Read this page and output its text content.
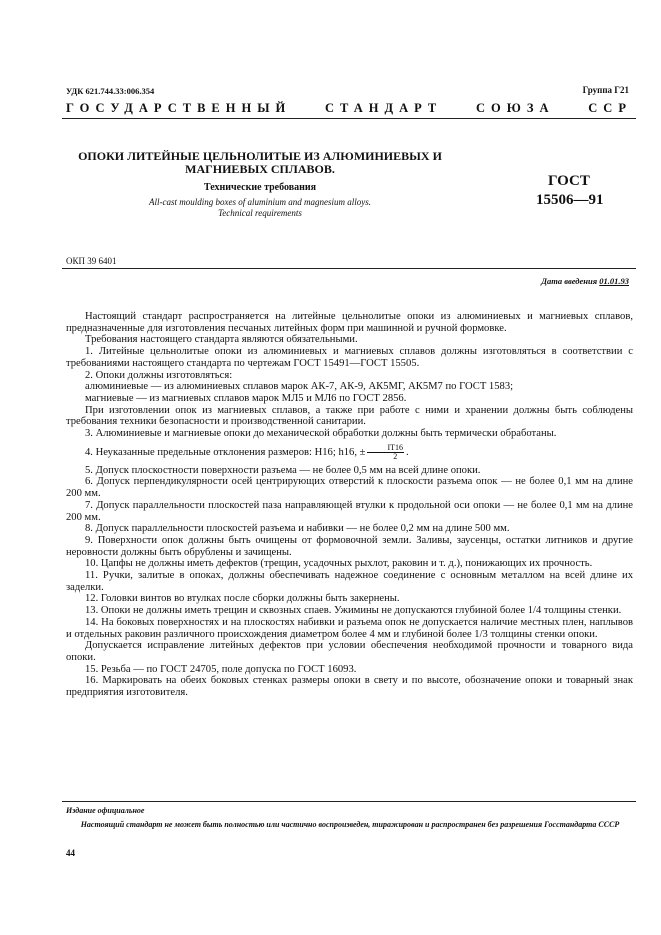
УДК 621.744.33:006.354	Группа Г21
ГОСУДАРСТВЕННЫЙ	СТАНДАРТ	СОЮЗА	ССР
ОПОКИ ЛИТЕЙНЫЕ ЦЕЛЬНОЛИТЫЕ ИЗ АЛЮМИНИЕВЫХ И МАГНИЕВЫХ СПЛАВОВ.
Технические требования
All-cast moulding boxes of aluminium and magnesium alloys.
Technical requirements
ГОСТ
15506—91
ОКП 39 6401
Дата введения 01.01.93

Настоящий стандарт распространяется на литейные цельнолитые опоки из алюминиевых и магниевых сплавов, предназначенные для изготовления песчаных литейных форм при машинной и ручной формовке.

Требования настоящего стандарта являются обязательными.

1. Литейные цельнолитые опоки из алюминиевых и магниевых сплавов должны изготовляться в соответствии с требованиями настоящего стандарта по чертежам ГОСТ 15491—ГОСТ 15505.

2. Опоки должны изготовляться:

алюминиевые — из алюминиевых сплавов марок АК-7, АК-9, АК5МГ, АК5М7 по ГОСТ 1583;

магниевые — из магниевых сплавов марок МЛ5 и МЛ6 по ГОСТ 2856.

При изготовлении опок из магниевых сплавов, а также при работе с ними и хранении должны быть соблюдены требования техники безопасности и производственной санитарии.

3. Алюминиевые и магниевые опоки до механической обработки должны быть термически обработаны.

4. Неуказанные предельные отклонения размеров: Н16; h16, ± $\frac{IT16}{2}$ .

5. Допуск плоскостности поверхности разъема — не более 0,5 мм на всей длине опоки.

6. Допуск перпендикулярности осей центрирующих отверстий к плоскости разъема опок — не более 0,1 мм на длине 200 мм.

7. Допуск параллельности плоскостей паза направляющей втулки к продольной оси опоки — не более 0,1 мм на длине 200 мм.

8. Допуск параллельности плоскостей разъема и набивки — не более 0,2 мм на длине 500 мм.

9. Поверхности опок должны быть очищены от формовочной земли. Заливы, заусенцы, остатки литников и другие неровности должны быть обрублены и зачищены.

10. Цапфы не должны иметь дефектов (трещин, усадочных рыхлот, раковин и т. д.), понижающих их прочность.

11. Ручки, залитые в опоках, должны обеспечивать надежное соединение с основным металлом на всей длине их заделки.

12. Головки винтов во втулках после сборки должны быть закернены.

13. Опоки не должны иметь трещин и сквозных спаев. Ужимины не допускаются глубиной более 1/4 толщины стенки.

14. На боковых поверхностях и на плоскостях набивки и разъема опок не допускается наличие местных плен, наплывов и отдельных раковин различного происхождения диаметром более 4 мм и глубиной более 1/3 толщины стенки опоки.

Допускается исправление литейных дефектов при условии обеспечения необходимой прочности и товарного вида опоки.

15. Резьба — по ГОСТ 24705, поле допуска по ГОСТ 16093.

16. Маркировать на обеих боковых стенках размеры опоки в свету и по высоте, обозначение опоки и товарный знак предприятия изготовителя.

Издание официальное
Настоящий стандарт не может быть полностью или частично воспроизведен, тиражирован и распространен без разрешения Госстандарта СССР
44
